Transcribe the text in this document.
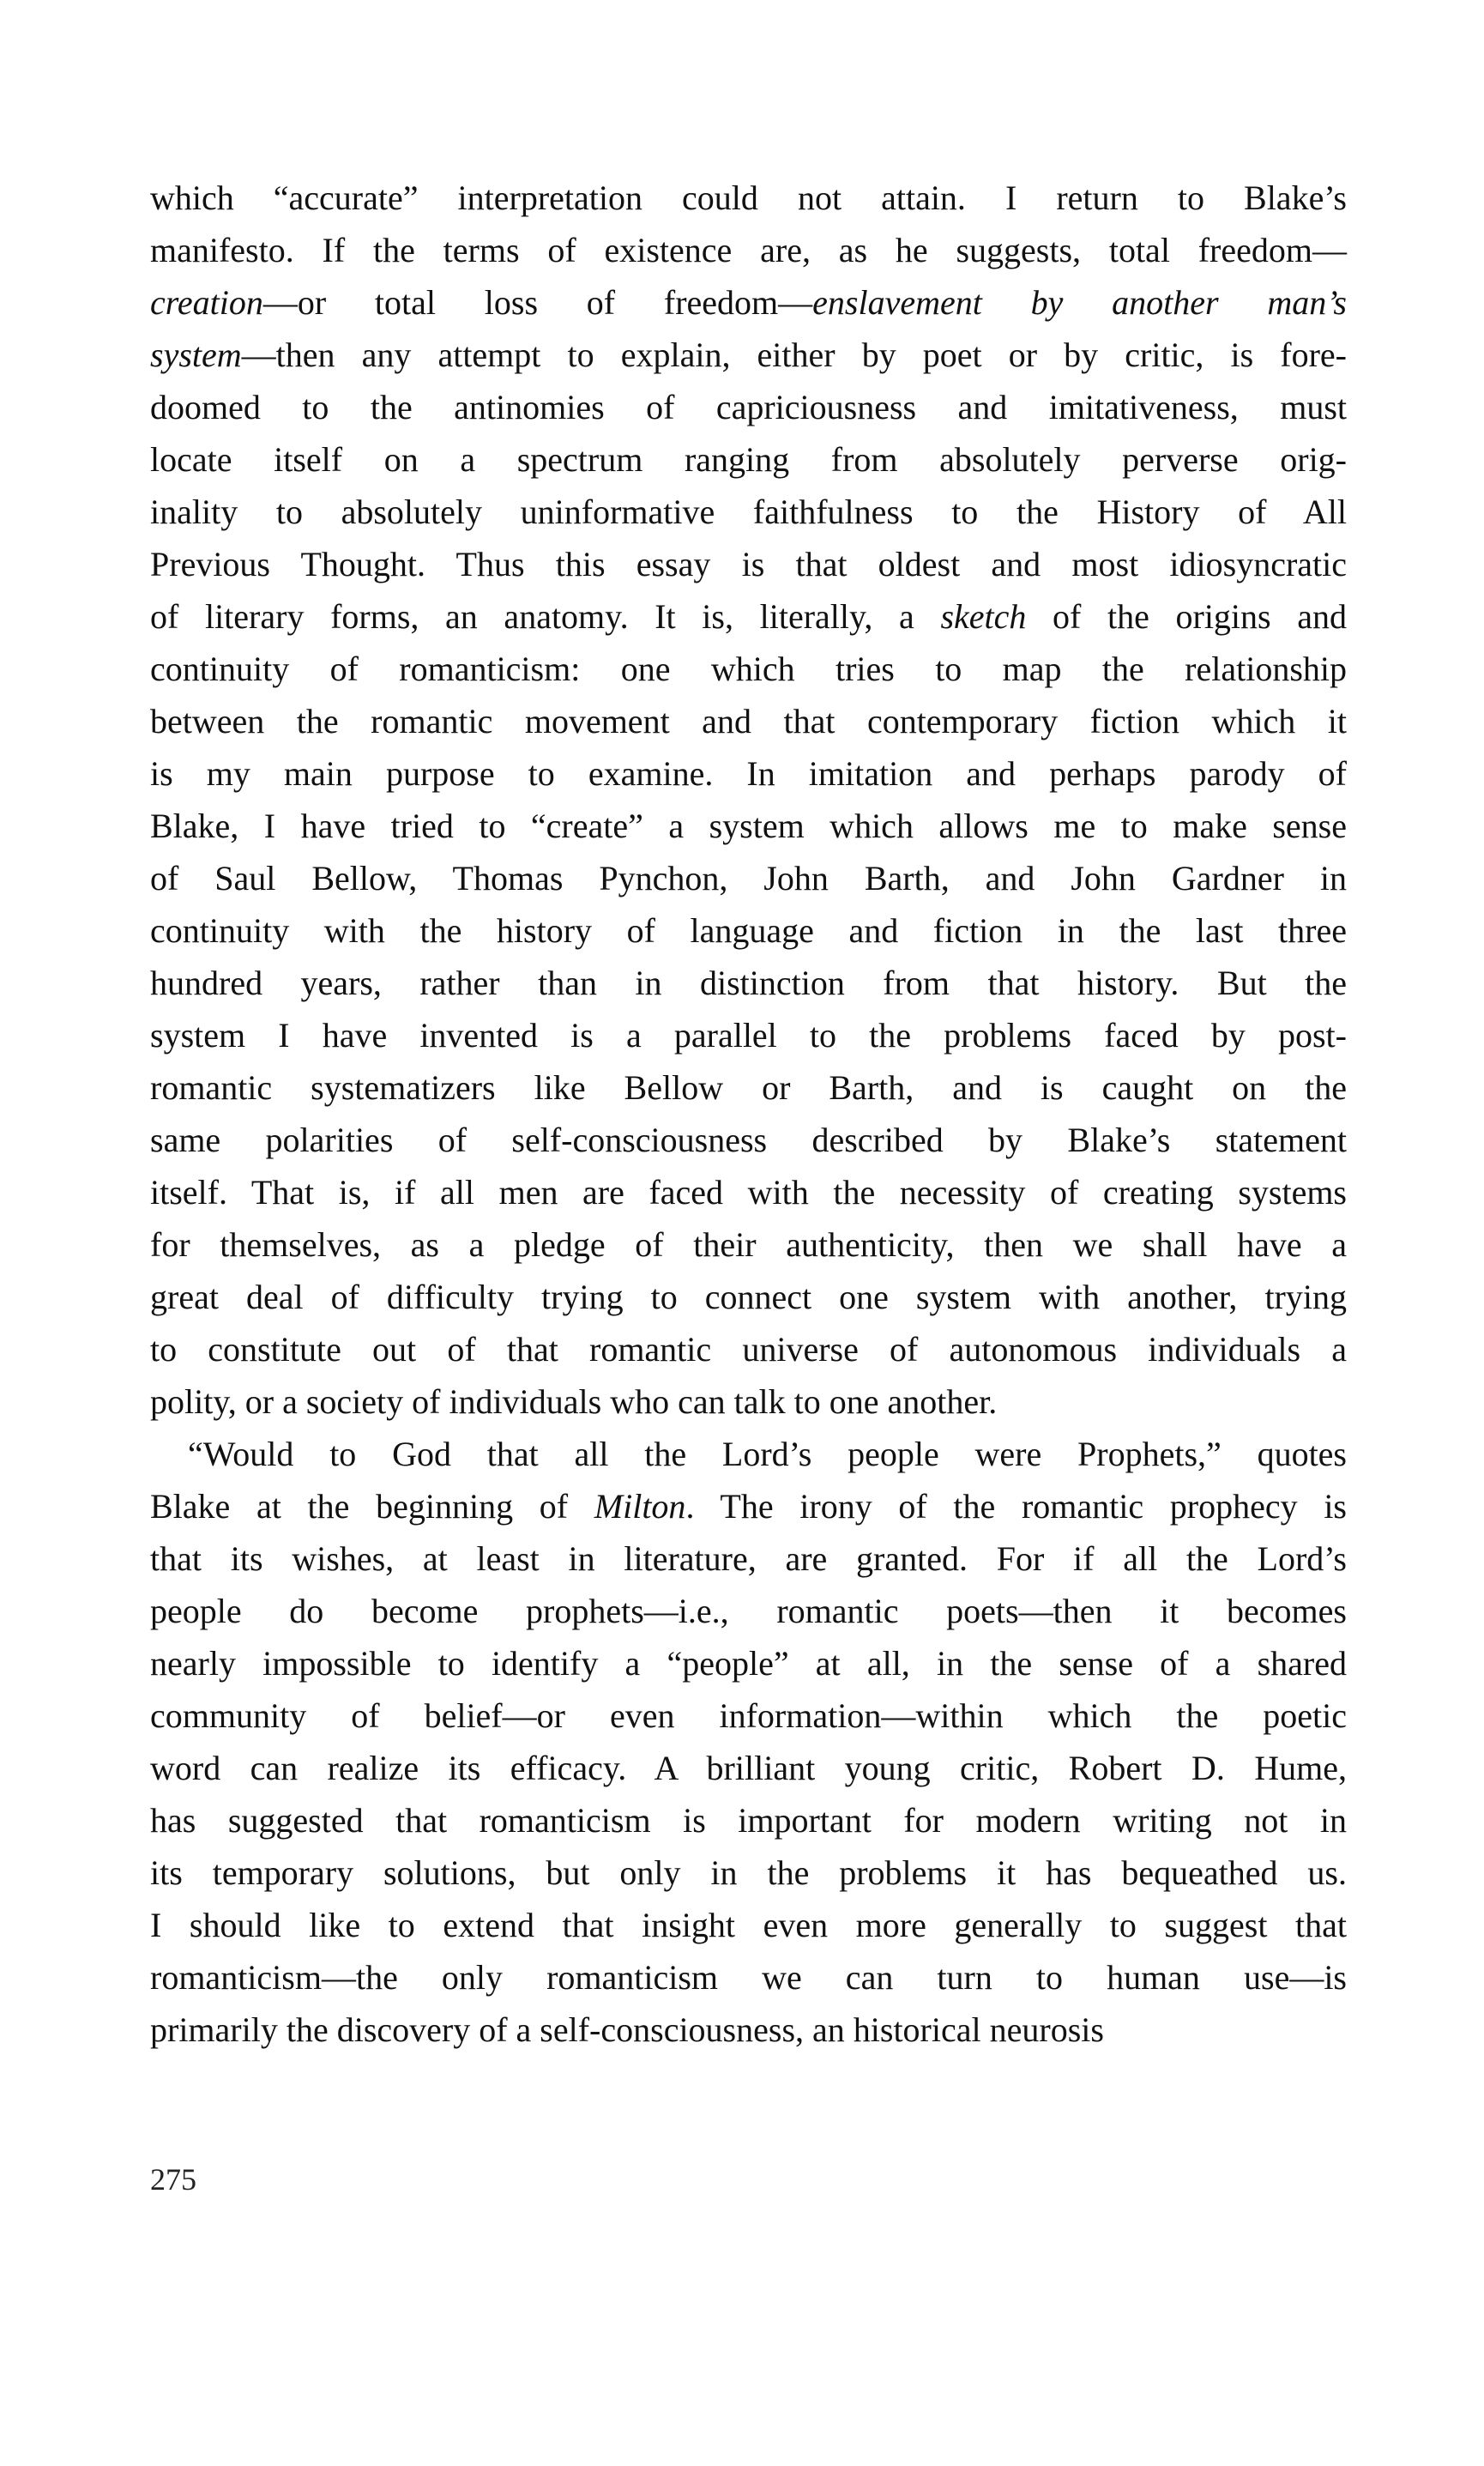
which “accurate” interpretation could not attain. I return to Blake’s
manifesto. If the terms of existence are, as he suggests, total freedom—
creation—or total loss of freedom—enslavement by another man’s
system—then any attempt to explain, either by poet or by critic, is fore-
doomed to the antinomies of capriciousness and imitativeness, must
locate itself on a spectrum ranging from absolutely perverse orig-
inality to absolutely uninformative faithfulness to the History of All
Previous Thought. Thus this essay is that oldest and most idiosyncratic
of literary forms, an anatomy. It is, literally, a sketch of the origins and
continuity of romanticism: one which tries to map the relationship
between the romantic movement and that contemporary fiction which it
is my main purpose to examine. In imitation and perhaps parody of
Blake, I have tried to “create” a system which allows me to make sense
of Saul Bellow, Thomas Pynchon, John Barth, and John Gardner in
continuity with the history of language and fiction in the last three
hundred years, rather than in distinction from that history. But the
system I have invented is a parallel to the problems faced by post-
romantic systematizers like Bellow or Barth, and is caught on the
same polarities of self-consciousness described by Blake’s statement
itself. That is, if all men are faced with the necessity of creating systems
for themselves, as a pledge of their authenticity, then we shall have a
great deal of difficulty trying to connect one system with another, trying
to constitute out of that romantic universe of autonomous individuals a
polity, or a society of individuals who can talk to one another.
“Would to God that all the Lord’s people were Prophets,” quotes
Blake at the beginning of Milton. The irony of the romantic prophecy is
that its wishes, at least in literature, are granted. For if all the Lord’s
people do become prophets—i.e., romantic poets—then it becomes
nearly impossible to identify a “people” at all, in the sense of a shared
community of belief—or even information—within which the poetic
word can realize its efficacy. A brilliant young critic, Robert D. Hume,
has suggested that romanticism is important for modern writing not in
its temporary solutions, but only in the problems it has bequeathed us.
I should like to extend that insight even more generally to suggest that
romanticism—the only romanticism we can turn to human use—is
primarily the discovery of a self-consciousness, an historical neurosis
275
